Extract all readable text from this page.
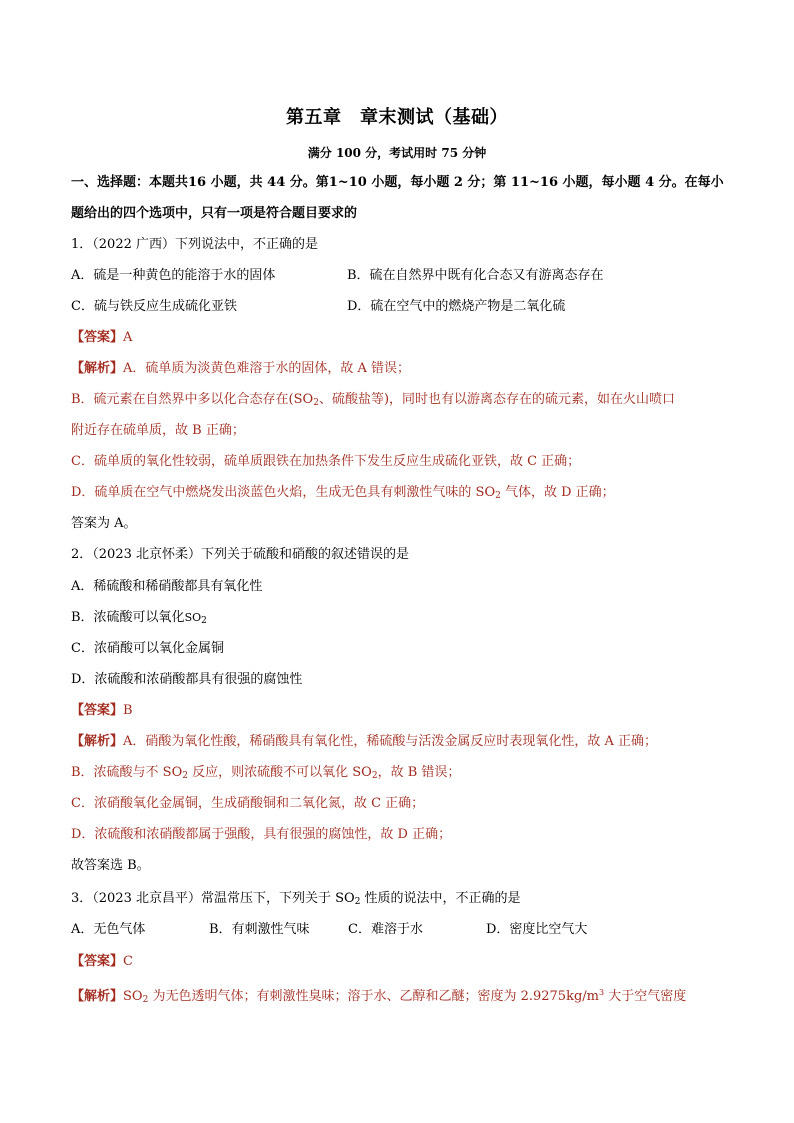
第五章　章末测试（基础）
满分 100 分，考试用时 75 分钟
一、选择题：本题共16 小题，共 44 分。第1~10 小题，每小题 2 分；第 11~16 小题，每小题 4 分。在每小
题给出的四个选项中，只有一项是符合题目要求的
1．（2022 广西）下列说法中，不正确的是
A．硫是一种黄色的能溶于水的固体	B．硫在自然界中既有化合态又有游离态存在
C．硫与铁反应生成硫化亚铁	D．硫在空气中的燃烧产物是二氧化硫
【答案】A
【解析】A．硫单质为淡黄色难溶于水的固体，故 A 错误；
B．硫元素在自然界中多以化合态存在($SO_2$、硫酸盐等)，同时也有以游离态存在的硫元素，如在火山喷口
附近存在硫单质，故 B 正确；
C．硫单质的氧化性较弱，硫单质跟铁在加热条件下发生反应生成硫化亚铁，故 C 正确；
D．硫单质在空气中燃烧发出淡蓝色火焰，生成无色具有刺激性气味的 $SO_2$ 气体，故 D 正确；
答案为 A。
2．（2023 北京怀柔）下列关于硫酸和硝酸的叙述错误的是
A．稀硫酸和稀硝酸都具有氧化性
B．浓硫酸可以氧化$SO_2$
C．浓硝酸可以氧化金属铜
D．浓硫酸和浓硝酸都具有很强的腐蚀性
【答案】B
【解析】A．硝酸为氧化性酸，稀硝酸具有氧化性，稀硫酸与活泼金属反应时表现氧化性，故 A 正确；
B．浓硫酸与不 $SO_2$ 反应，则浓硫酸不可以氧化 $SO_2$，故 B 错误；
C．浓硝酸氧化金属铜，生成硝酸铜和二氧化氮，故 C 正确；
D．浓硫酸和浓硝酸都属于强酸，具有很强的腐蚀性，故 D 正确；
故答案选 B。
3．（2023 北京昌平）常温常压下，下列关于 $SO_2$ 性质的说法中，不正确的是
A．无色气体	B．有刺激性气味	C．难溶于水	D．密度比空气大
【答案】C
【解析】$SO_2$ 为无色透明气体；有刺激性臭味；溶于水、乙醇和乙醚；密度为 $2.9275kg/m^3$ 大于空气密度
